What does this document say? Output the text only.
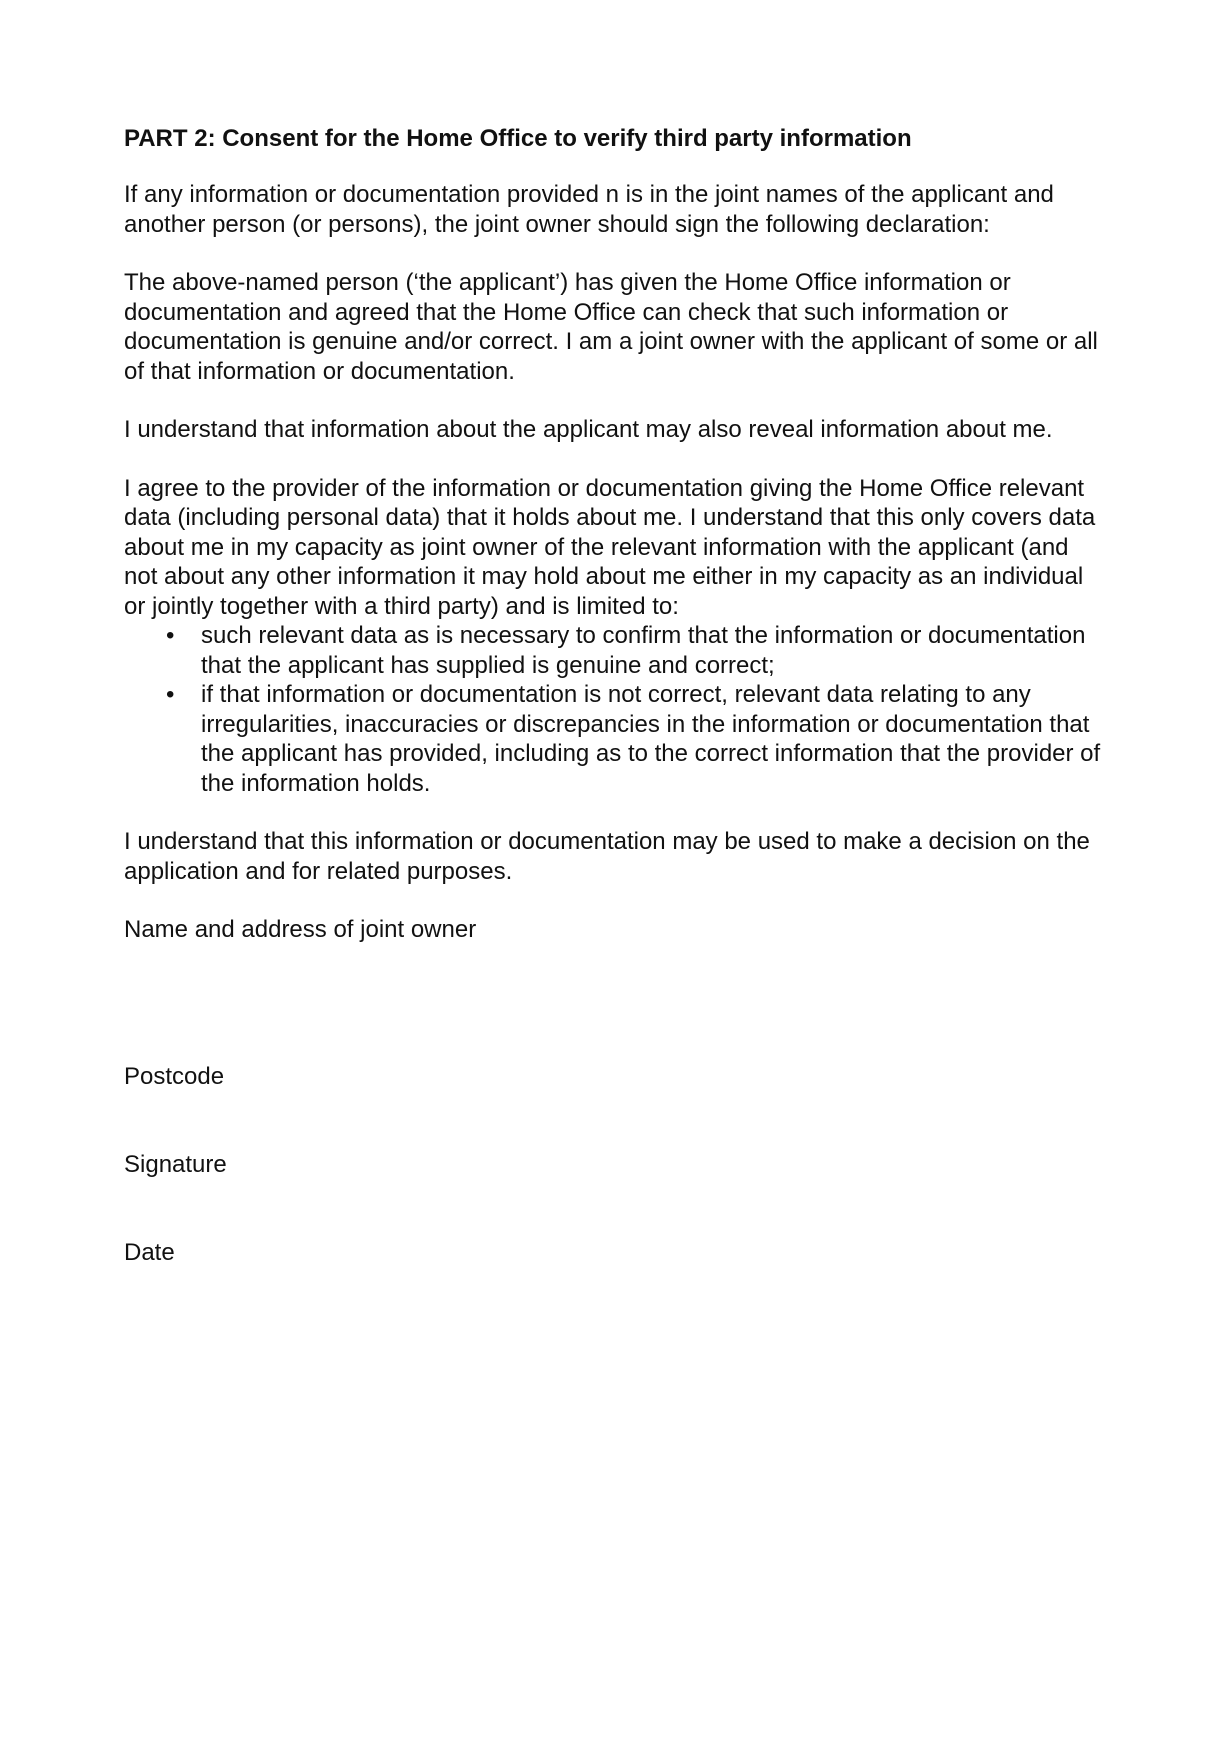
PART 2: Consent for the Home Office to verify third party information

If any information or documentation provided n is in the joint names of the applicant and another person (or persons), the joint owner should sign the following declaration:

The above-named person (‘the applicant’) has given the Home Office information or documentation and agreed that the Home Office can check that such information or documentation is genuine and/or correct. I am a joint owner with the applicant of some or all of that information or documentation.

I understand that information about the applicant may also reveal information about me.

I agree to the provider of the information or documentation giving the Home Office relevant data (including personal data) that it holds about me. I understand that this only covers data about me in my capacity as joint owner of the relevant information with the applicant (and not about any other information it may hold about me either in my capacity as an individual or jointly together with a third party) and is limited to:

• such relevant data as is necessary to confirm that the information or documentation that the applicant has supplied is genuine and correct;
• if that information or documentation is not correct, relevant data relating to any irregularities, inaccuracies or discrepancies in the information or documentation that the applicant has provided, including as to the correct information that the provider of the information holds.

I understand that this information or documentation may be used to make a decision on the application and for related purposes.

Name and address of joint owner

Postcode

Signature

Date
